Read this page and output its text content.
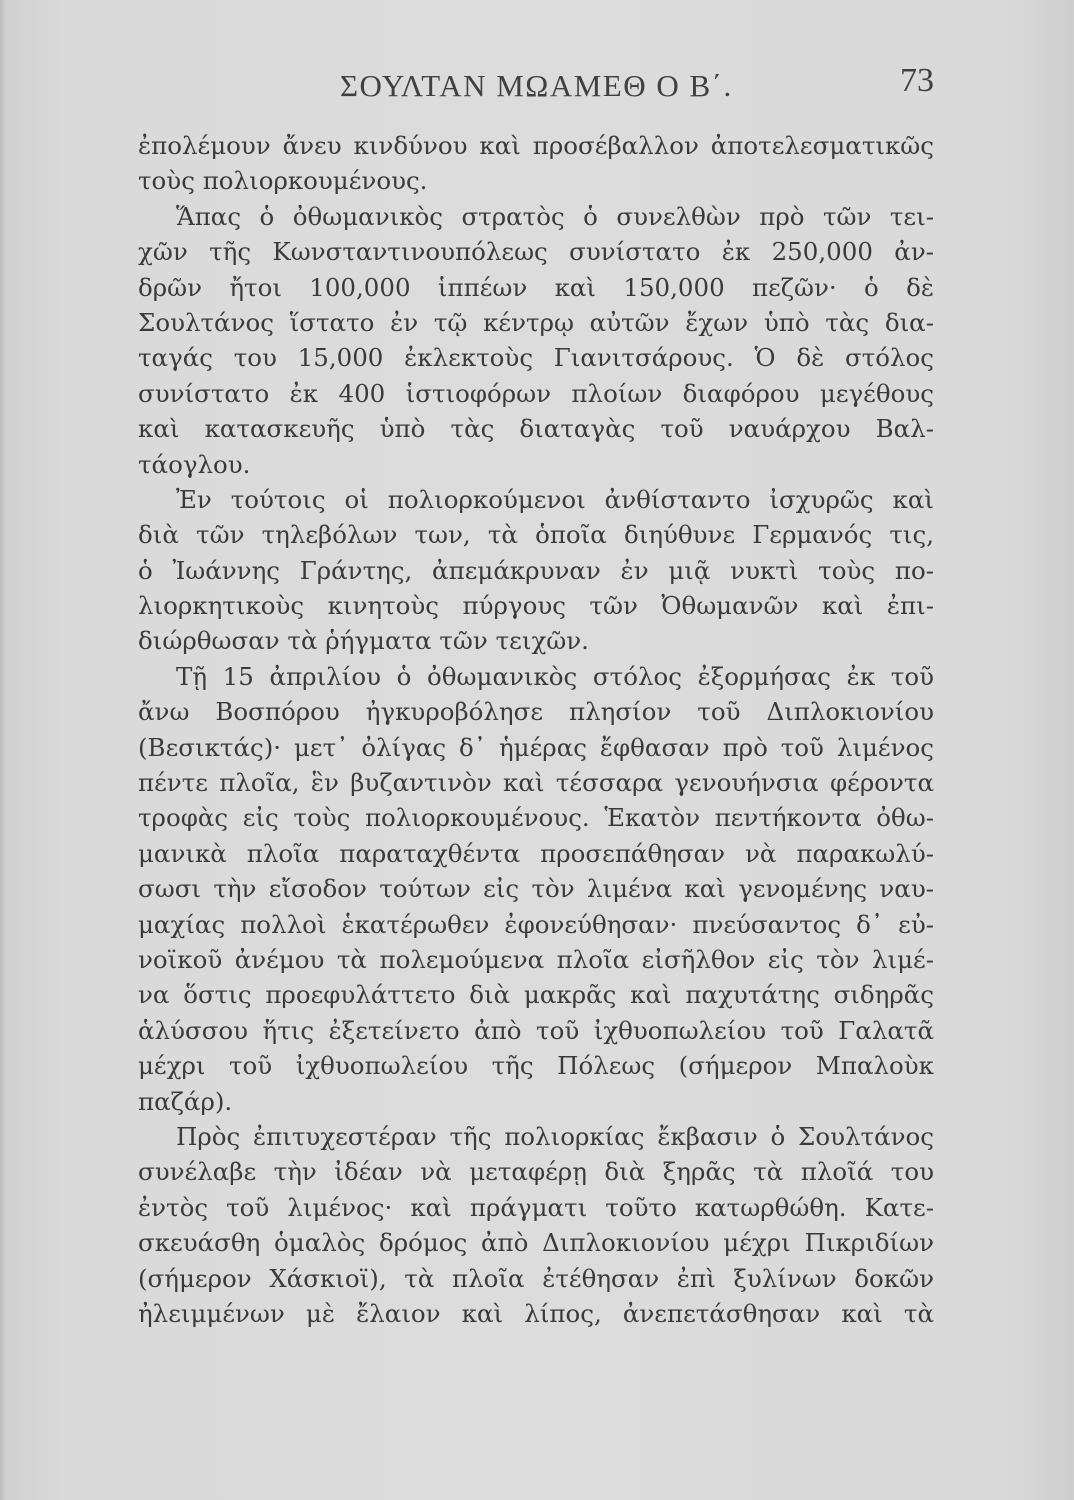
ΣΟΥΛΤΑΝ ΜΩΑΜΕΘ Ο Β΄.	73
ἐπολέμουν ἄνευ κινδύνου καὶ προσέβαλλον ἀποτελεσματικῶς
τοὺς πολιορκουμένους.
Ἅπας ὁ ὀθωμανικὸς στρατὸς ὁ συνελθὼν πρὸ τῶν τει-
χῶν τῆς Κωνσταντινουπόλεως συνίστατο ἐκ 250,000 ἀν-
δρῶν ἤτοι 100,000 ἱππέων καὶ 150,000 πεζῶν· ὁ δὲ
Σουλτάνος ἵστατο ἐν τῷ κέντρῳ αὐτῶν ἔχων ὑπὸ τὰς δια-
ταγάς του 15,000 ἐκλεκτοὺς Γιανιτσάρους. Ὁ δὲ στόλος
συνίστατο ἐκ 400 ἱστιοφόρων πλοίων διαφόρου μεγέθους
καὶ κατασκευῆς ὑπὸ τὰς διαταγὰς τοῦ ναυάρχου Βαλ-
τάογλου.
Ἐν τούτοις οἱ πολιορκούμενοι ἀνθίσταντο ἰσχυρῶς καὶ
διὰ τῶν τηλεβόλων των, τὰ ὁποῖα διηύθυνε Γερμανός τις,
ὁ Ἰωάννης Γράντης, ἀπεμάκρυναν ἐν μιᾷ νυκτὶ τοὺς πο-
λιορκητικοὺς κινητοὺς πύργους τῶν Ὀθωμανῶν καὶ ἐπι-
διώρθωσαν τὰ ῥήγματα τῶν τειχῶν.
Τῇ 15 ἀπριλίου ὁ ὀθωμανικὸς στόλος ἐξορμήσας ἐκ τοῦ
ἄνω Βοσπόρου ἠγκυροβόλησε πλησίον τοῦ Διπλοκιονίου
(Βεσικτάς)· μετ᾽ ὀλίγας δ᾽ ἡμέρας ἔφθασαν πρὸ τοῦ λιμένος
πέντε πλοῖα, ἓν βυζαντινὸν καὶ τέσσαρα γενουήνσια φέροντα
τροφὰς εἰς τοὺς πολιορκουμένους. Ἑκατὸν πεντήκοντα ὀθω-
μανικὰ πλοῖα παραταχθέντα προσεπάθησαν νὰ παρακωλύ-
σωσι τὴν εἴσοδον τούτων εἰς τὸν λιμένα καὶ γενομένης ναυ-
μαχίας πολλοὶ ἑκατέρωθεν ἐφονεύθησαν· πνεύσαντος δ᾽ εὐ-
νοϊκοῦ ἀνέμου τὰ πολεμούμενα πλοῖα εἰσῆλθον εἰς τὸν λιμέ-
να ὅστις προεφυλάττετο διὰ μακρᾶς καὶ παχυτάτης σιδηρᾶς
ἁλύσσου ἥτις ἐξετείνετο ἀπὸ τοῦ ἰχθυοπωλείου τοῦ Γαλατᾶ
μέχρι τοῦ ἰχθυοπωλείου τῆς Πόλεως (σήμερον Μπαλοὺκ
παζάρ).
Πρὸς ἐπιτυχεστέραν τῆς πολιορκίας ἔκβασιν ὁ Σουλτάνος
συνέλαβε τὴν ἰδέαν νὰ μεταφέρῃ διὰ ξηρᾶς τὰ πλοῖά του
ἐντὸς τοῦ λιμένος· καὶ πράγματι τοῦτο κατωρθώθη. Κατε-
σκευάσθη ὁμαλὸς δρόμος ἀπὸ Διπλοκιονίου μέχρι Πικριδίων
(σήμερον Χάσκιοϊ), τὰ πλοῖα ἐτέθησαν ἐπὶ ξυλίνων δοκῶν
ἠλειμμένων μὲ ἔλαιον καὶ λίπος, ἀνεπετάσθησαν καὶ τὰ
